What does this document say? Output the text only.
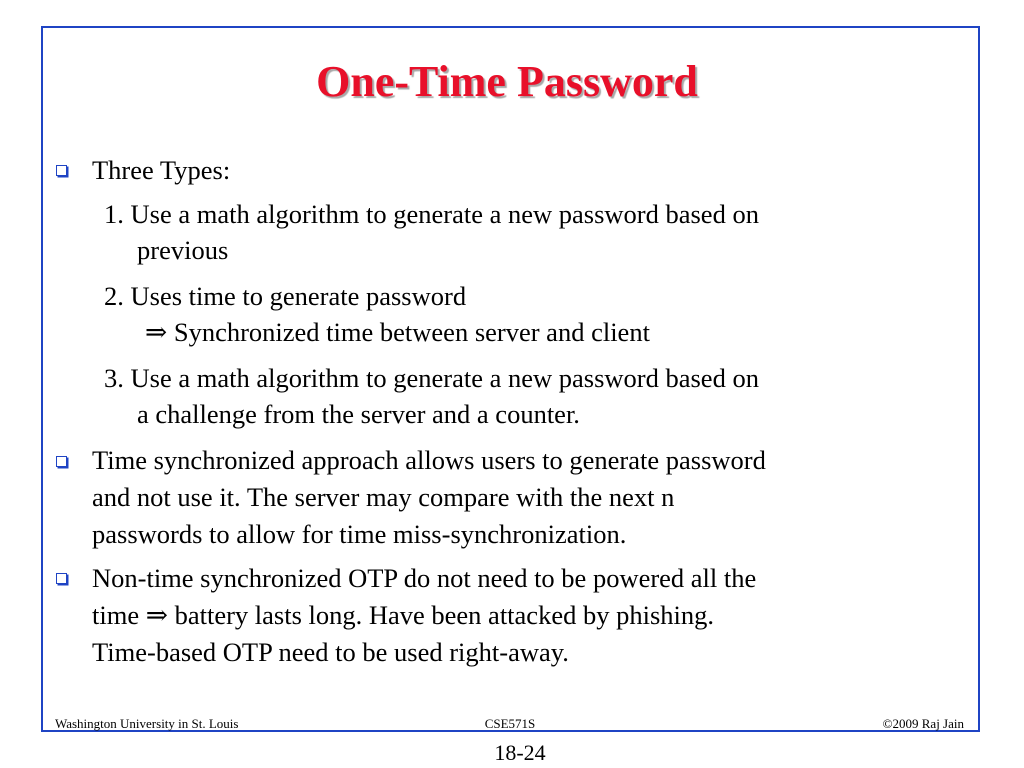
One-Time Password
Three Types:
1. Use a math algorithm to generate a new password based on
previous
2. Uses time to generate password
⇒ Synchronized time between server and client
3. Use a math algorithm to generate a new password based on
a challenge from the server and a counter.
Time synchronized approach allows users to generate password
and not use it. The server may compare with the next n
passwords to allow for time miss-synchronization.
Non-time synchronized OTP do not need to be powered all the
time ⇒ battery lasts long. Have been attacked by phishing.
Time-based OTP need to be used right-away.
Washington University in St. Louis	CSE571S	©2009 Raj Jain
18-24
